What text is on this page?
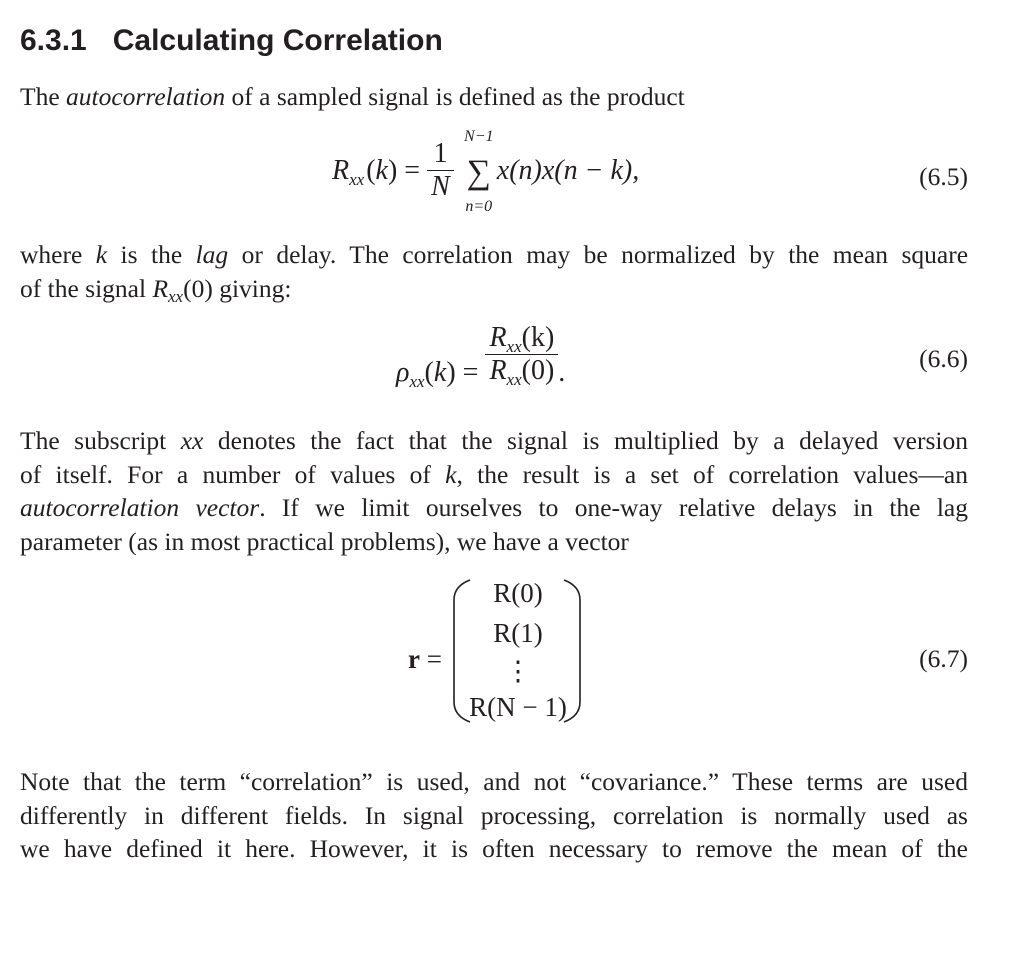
6.3.1 Calculating Correlation

The autocorrelation of a sampled signal is defined as the product

$R_{xx}(k) = \frac{1}{N}$

N−1
∑
n=0
x(n)x(n − k),	(6.5)

where k is the lag or delay. The correlation may be normalized by the mean square
of the signal Rxx(0) giving:

$\rho_{xx}(k) = \frac{R_{xx}(k)}{R_{xx}(0)}$ .	(6.6)

The subscript xx denotes the fact that the signal is multiplied by a delayed version
of itself. For a number of values of k, the result is a set of correlation values—an
autocorrelation vector. If we limit ourselves to one-way relative delays in the lag
parameter (as in most practical problems), we have a vector

r =
R(0)
R(1)
⋮
R(N − 1)
(6.7)

Note that the term “correlation” is used, and not “covariance.” These terms are used
differently in different fields. In signal processing, correlation is normally used as
we have defined it here. However, it is often necessary to remove the mean of the
